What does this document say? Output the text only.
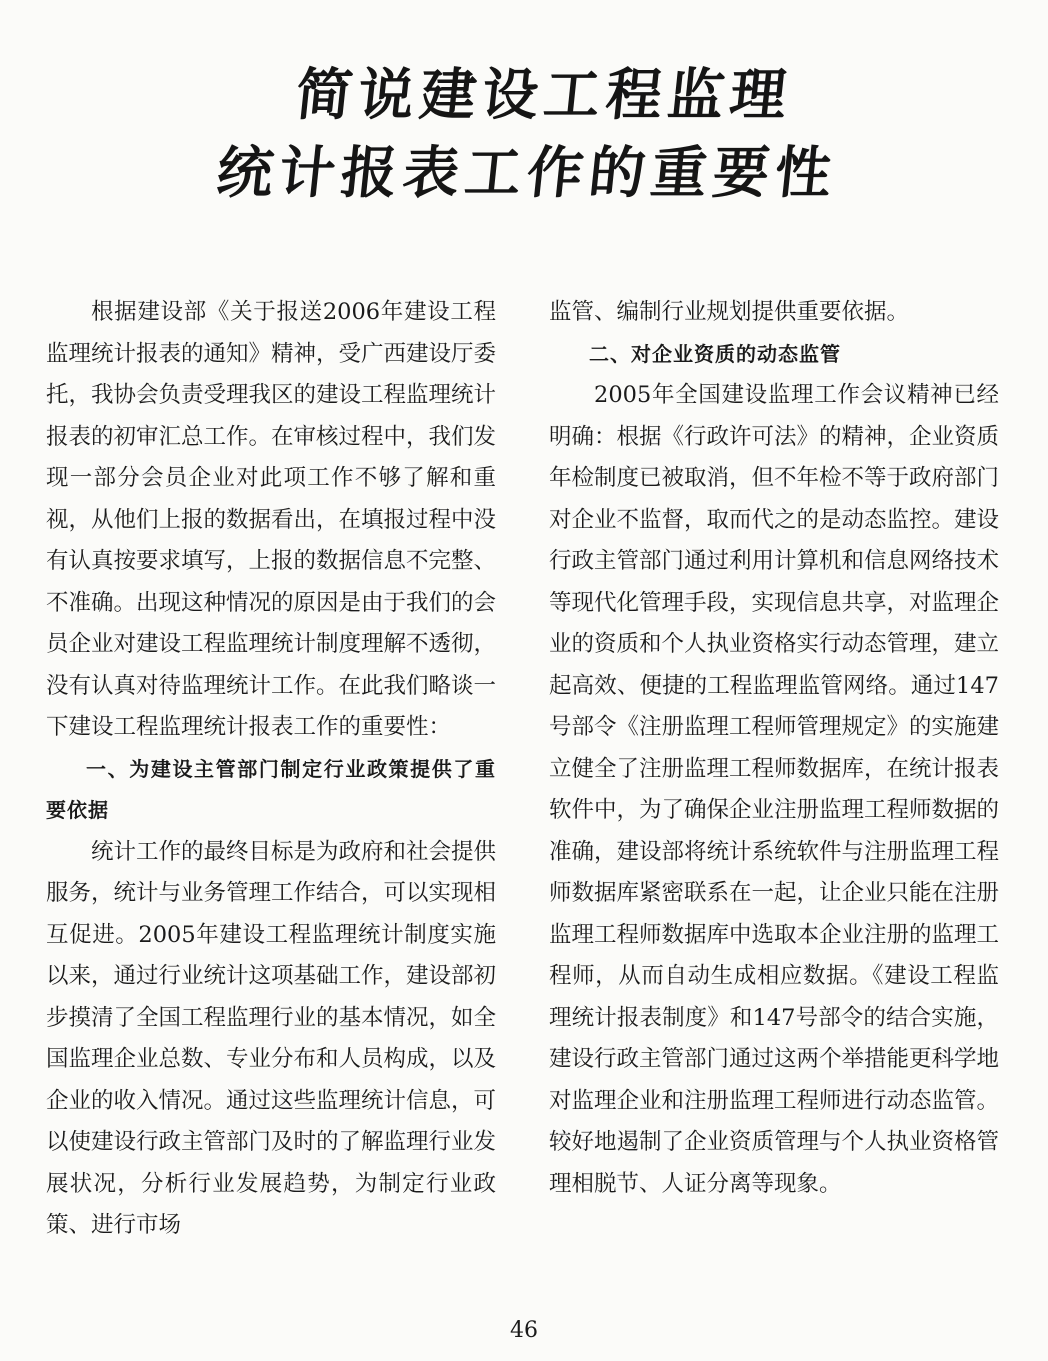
简说建设工程监理
统计报表工作的重要性

根据建设部《关于报送2006年建设工程监理统计报表的通知》精神，受广西建设厅委托，我协会负责受理我区的建设工程监理统计报表的初审汇总工作。在审核过程中，我们发现一部分会员企业对此项工作不够了解和重视，从他们上报的数据看出，在填报过程中没有认真按要求填写，上报的数据信息不完整、不准确。出现这种情况的原因是由于我们的会员企业对建设工程监理统计制度理解不透彻，没有认真对待监理统计工作。在此我们略谈一下建设工程监理统计报表工作的重要性：

一、为建设主管部门制定行业政策提供了重要依据

统计工作的最终目标是为政府和社会提供服务，统计与业务管理工作结合，可以实现相互促进。2005年建设工程监理统计制度实施以来，通过行业统计这项基础工作，建设部初步摸清了全国工程监理行业的基本情况，如全国监理企业总数、专业分布和人员构成，以及企业的收入情况。通过这些监理统计信息，可以使建设行政主管部门及时的了解监理行业发展状况，分析行业发展趋势，为制定行业政策、进行市场

监管、编制行业规划提供重要依据。

二、对企业资质的动态监管

2005年全国建设监理工作会议精神已经明确：根据《行政许可法》的精神，企业资质年检制度已被取消，但不年检不等于政府部门对企业不监督，取而代之的是动态监控。建设行政主管部门通过利用计算机和信息网络技术等现代化管理手段，实现信息共享，对监理企业的资质和个人执业资格实行动态管理，建立起高效、便捷的工程监理监管网络。通过147号部令《注册监理工程师管理规定》的实施建立健全了注册监理工程师数据库，在统计报表软件中，为了确保企业注册监理工程师数据的准确，建设部将统计系统软件与注册监理工程师数据库紧密联系在一起，让企业只能在注册监理工程师数据库中选取本企业注册的监理工程师，从而自动生成相应数据。《建设工程监理统计报表制度》和147号部令的结合实施，建设行政主管部门通过这两个举措能更科学地对监理企业和注册监理工程师进行动态监管。较好地遏制了企业资质管理与个人执业资格管理相脱节、人证分离等现象。

46
